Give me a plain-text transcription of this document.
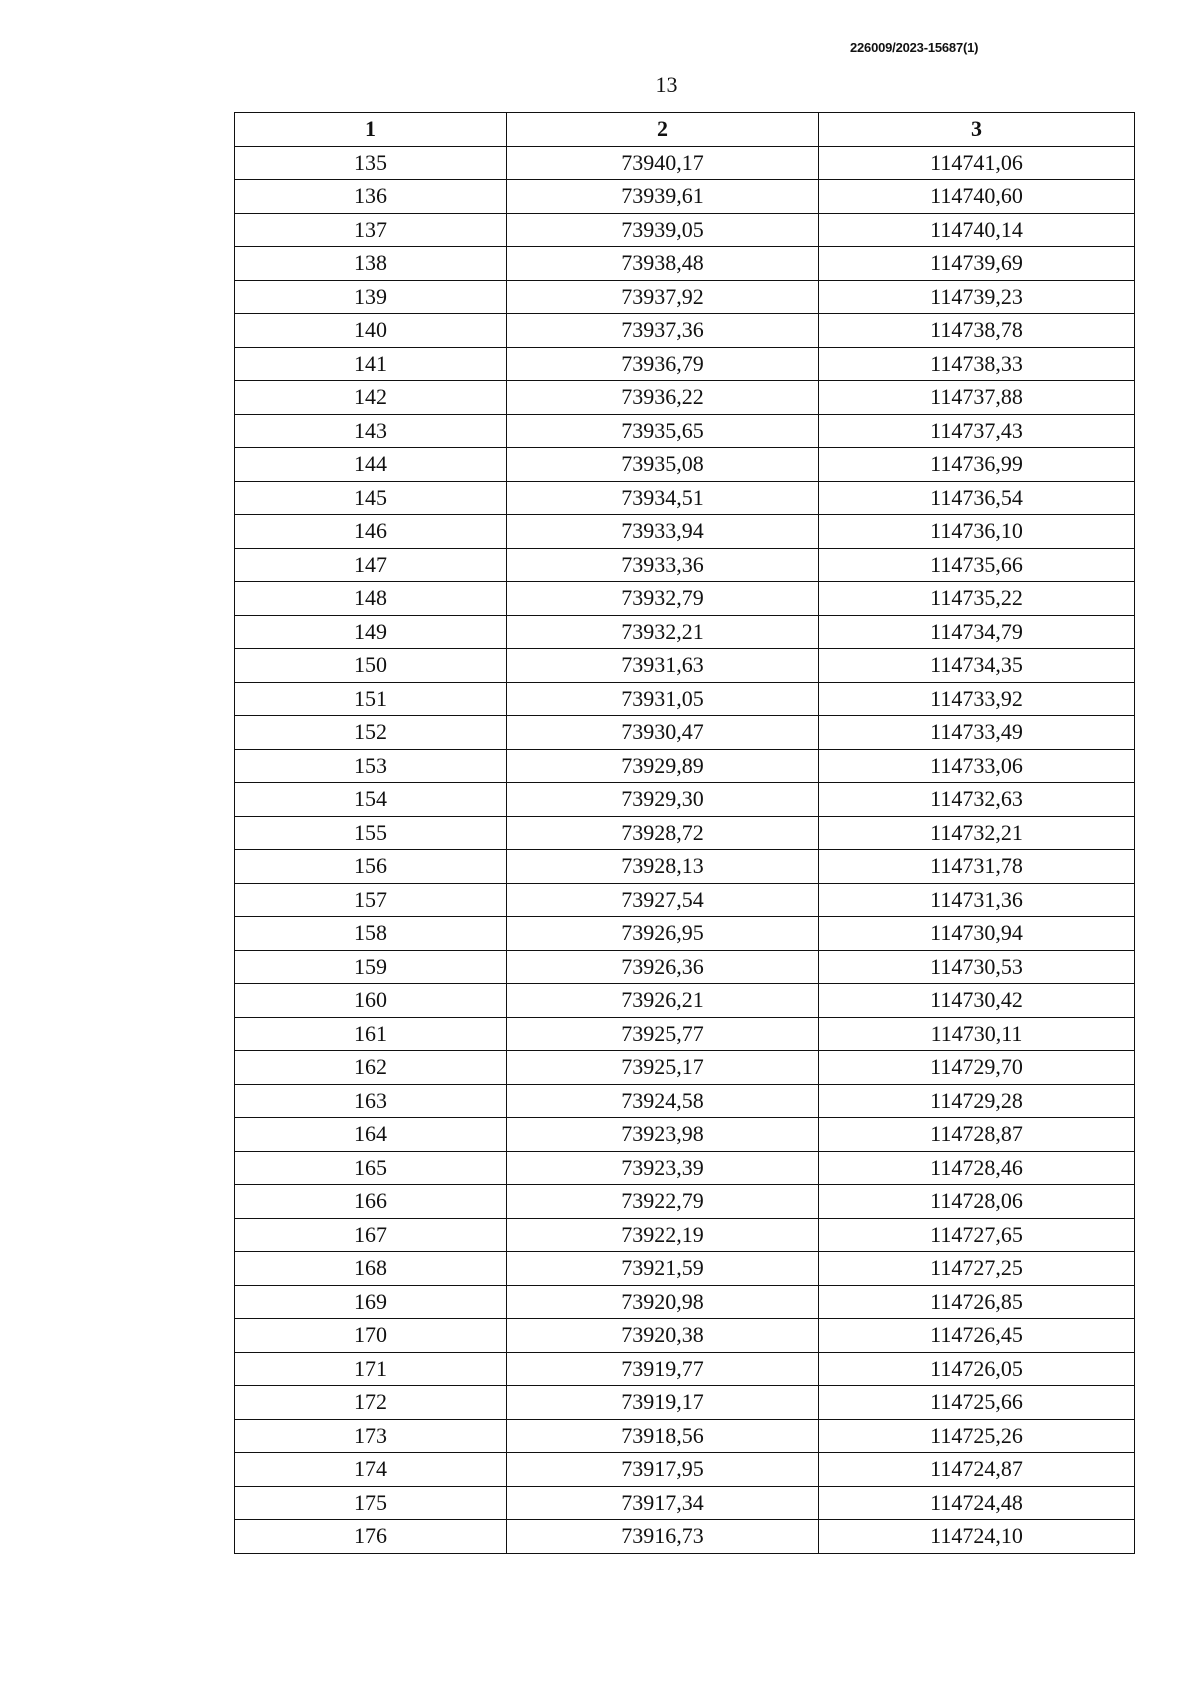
226009/2023-15687(1)
13
1	2	3
135	73940,17	114741,06
136	73939,61	114740,60
137	73939,05	114740,14
138	73938,48	114739,69
139	73937,92	114739,23
140	73937,36	114738,78
141	73936,79	114738,33
142	73936,22	114737,88
143	73935,65	114737,43
144	73935,08	114736,99
145	73934,51	114736,54
146	73933,94	114736,10
147	73933,36	114735,66
148	73932,79	114735,22
149	73932,21	114734,79
150	73931,63	114734,35
151	73931,05	114733,92
152	73930,47	114733,49
153	73929,89	114733,06
154	73929,30	114732,63
155	73928,72	114732,21
156	73928,13	114731,78
157	73927,54	114731,36
158	73926,95	114730,94
159	73926,36	114730,53
160	73926,21	114730,42
161	73925,77	114730,11
162	73925,17	114729,70
163	73924,58	114729,28
164	73923,98	114728,87
165	73923,39	114728,46
166	73922,79	114728,06
167	73922,19	114727,65
168	73921,59	114727,25
169	73920,98	114726,85
170	73920,38	114726,45
171	73919,77	114726,05
172	73919,17	114725,66
173	73918,56	114725,26
174	73917,95	114724,87
175	73917,34	114724,48
176	73916,73	114724,10
